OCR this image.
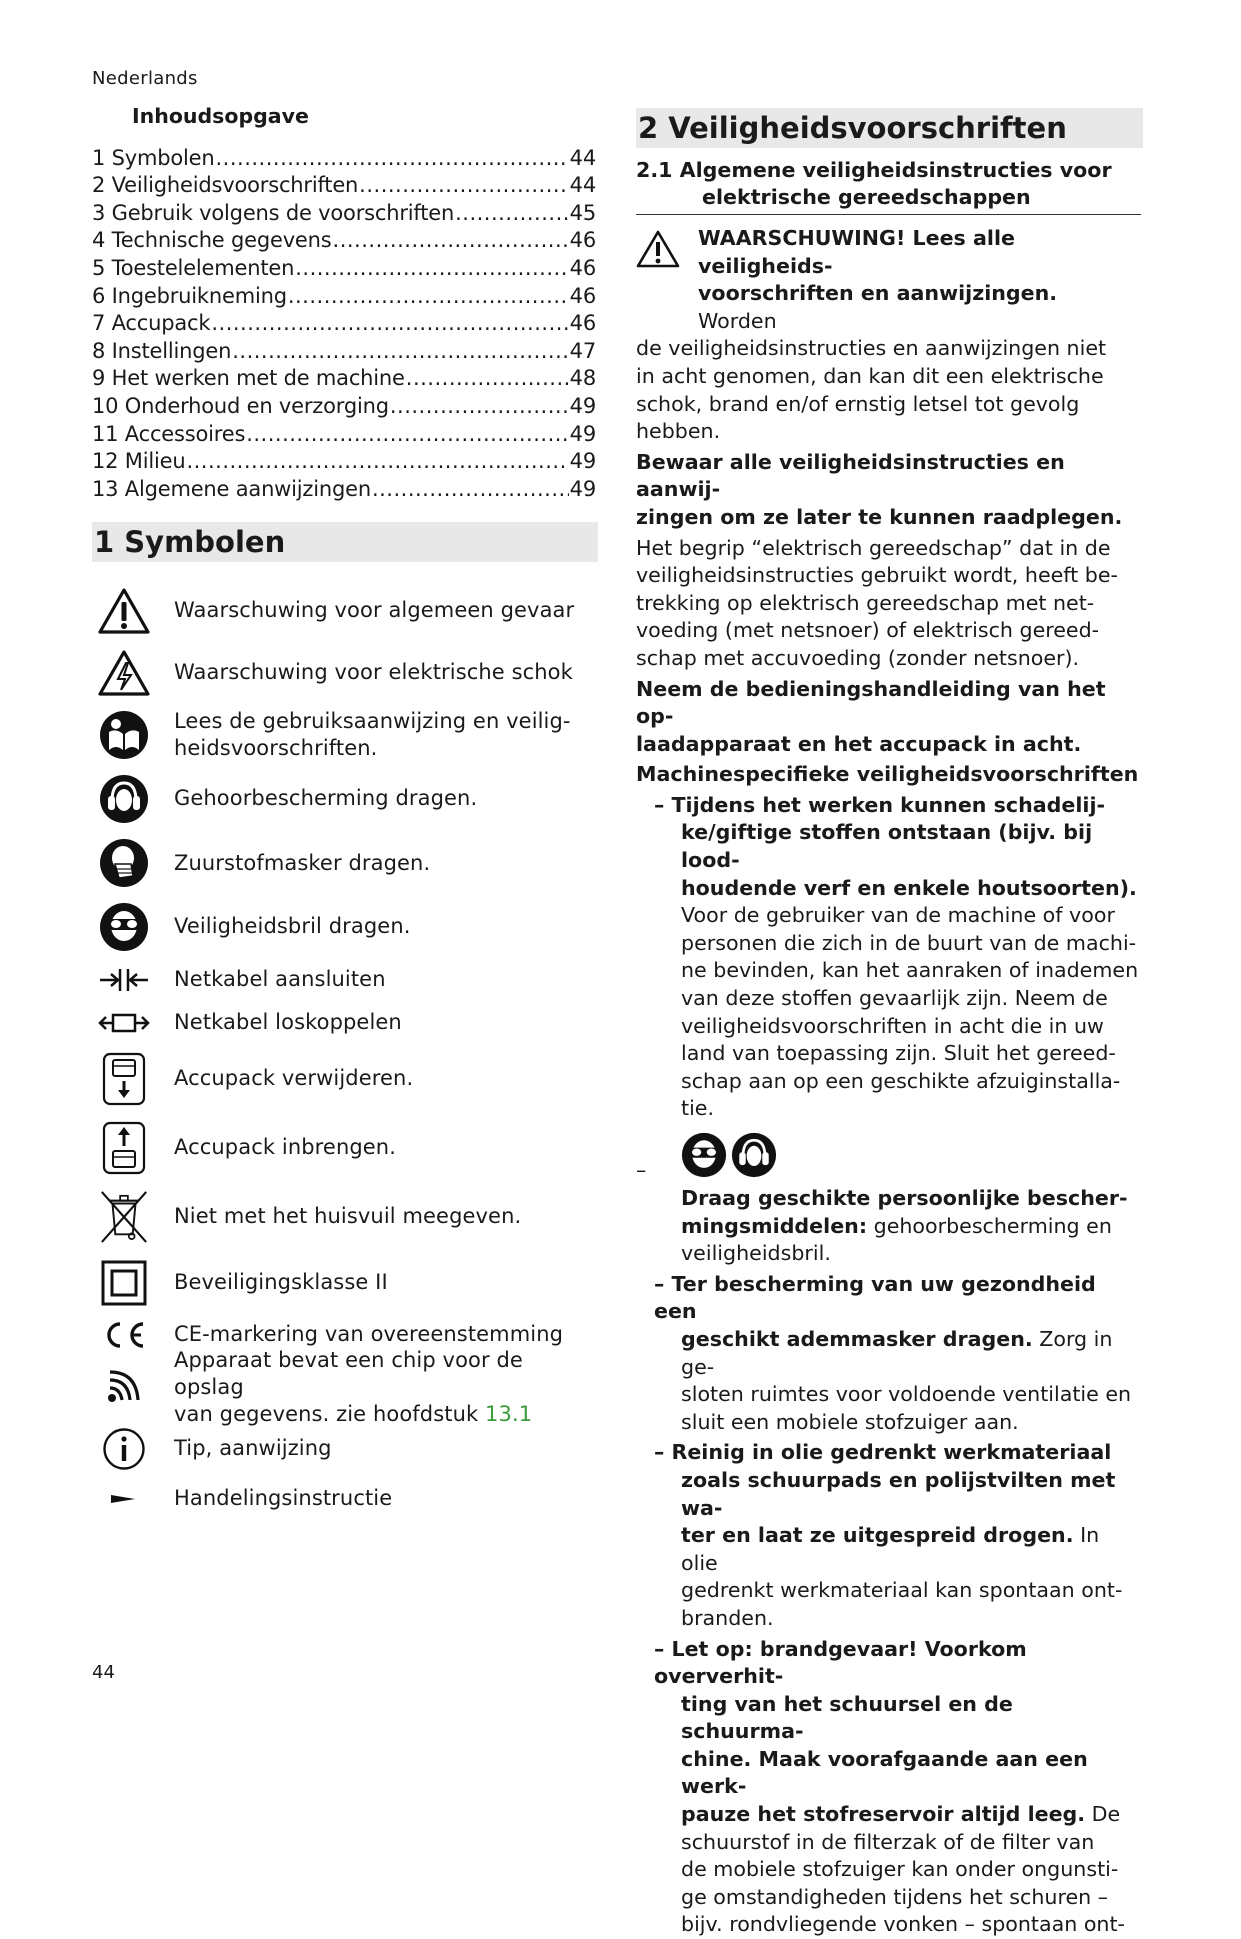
Nederlands
Inhoudsopgave
1 Symbolen .....	44
2 Veiligheidsvoorschriften .....	44
3 Gebruik volgens de voorschriften .....	45
4 Technische gegevens .....	46
5 Toestelelementen .....	46
6 Ingebruikneming .....	46
7 Accupack .....	46
8 Instellingen .....	47
9 Het werken met de machine .....	48
10 Onderhoud en verzorging .....	49
11 Accessoires .....	49
12 Milieu .....	49
13 Algemene aanwijzingen .....	49
1 Symbolen
Waarschuwing voor algemeen gevaar
Waarschuwing voor elektrische schok
Lees de gebruiksaanwijzing en veilig-
heidsvoorschriften.
Gehoorbescherming dragen.
Zuurstofmasker dragen.
Veiligheidsbril dragen.
Netkabel aansluiten
Netkabel loskoppelen
Accupack verwijderen.
Accupack inbrengen.
Niet met het huisvuil meegeven.
Beveiligingsklasse II
CE-markering van overeenstemming
Apparaat bevat een chip voor de opslag
van gegevens. zie hoofdstuk 13.1
Tip, aanwijzing
Handelingsinstructie
2 Veiligheidsvoorschriften
2.1 Algemene veiligheidsinstructies voor
elektrische gereedschappen
WAARSCHUWING! Lees alle veiligheids-
voorschriften en aanwijzingen. Worden
de veiligheidsinstructies en aanwijzingen niet
in acht genomen, dan kan dit een elektrische
schok, brand en/of ernstig letsel tot gevolg
hebben.
Bewaar alle veiligheidsinstructies en aanwij-
zingen om ze later te kunnen raadplegen.
Het begrip “elektrisch gereedschap” dat in de
veiligheidsinstructies gebruikt wordt, heeft be-
trekking op elektrisch gereedschap met net-
voeding (met netsnoer) of elektrisch gereed-
schap met accuvoeding (zonder netsnoer).
Neem de bedieningshandleiding van het op-
laadapparaat en het accupack in acht.
Machinespecifieke veiligheidsvoorschriften
– Tijdens het werken kunnen schadelij-
ke/giftige stoffen ontstaan (bijv. bij lood-
houdende verf en enkele houtsoorten).
Voor de gebruiker van de machine of voor
personen die zich in de buurt van de machi-
ne bevinden, kan het aanraken of inademen
van deze stoffen gevaarlijk zijn. Neem de
veiligheidsvoorschriften in acht die in uw
land van toepassing zijn. Sluit het gereed-
schap aan op een geschikte afzuiginstalla-
tie.
–
Draag geschikte persoonlijke bescher-
mingsmiddelen: gehoorbescherming en
veiligheidsbril.
– Ter bescherming van uw gezondheid een
geschikt ademmasker dragen. Zorg in ge-
sloten ruimtes voor voldoende ventilatie en
sluit een mobiele stofzuiger aan.
– Reinig in olie gedrenkt werkmateriaal
zoals schuurpads en polijstvilten met wa-
ter en laat ze uitgespreid drogen. In olie
gedrenkt werkmateriaal kan spontaan ont-
branden.
– Let op: brandgevaar! Voorkom oververhit-
ting van het schuursel en de schuurma-
chine. Maak voorafgaande aan een werk-
pauze het stofreservoir altijd leeg. De
schuurstof in de filterzak of de filter van
de mobiele stofzuiger kan onder ongunsti-
ge omstandigheden tijdens het schuren –
bijv. rondvliegende vonken – spontaan ont-
44
